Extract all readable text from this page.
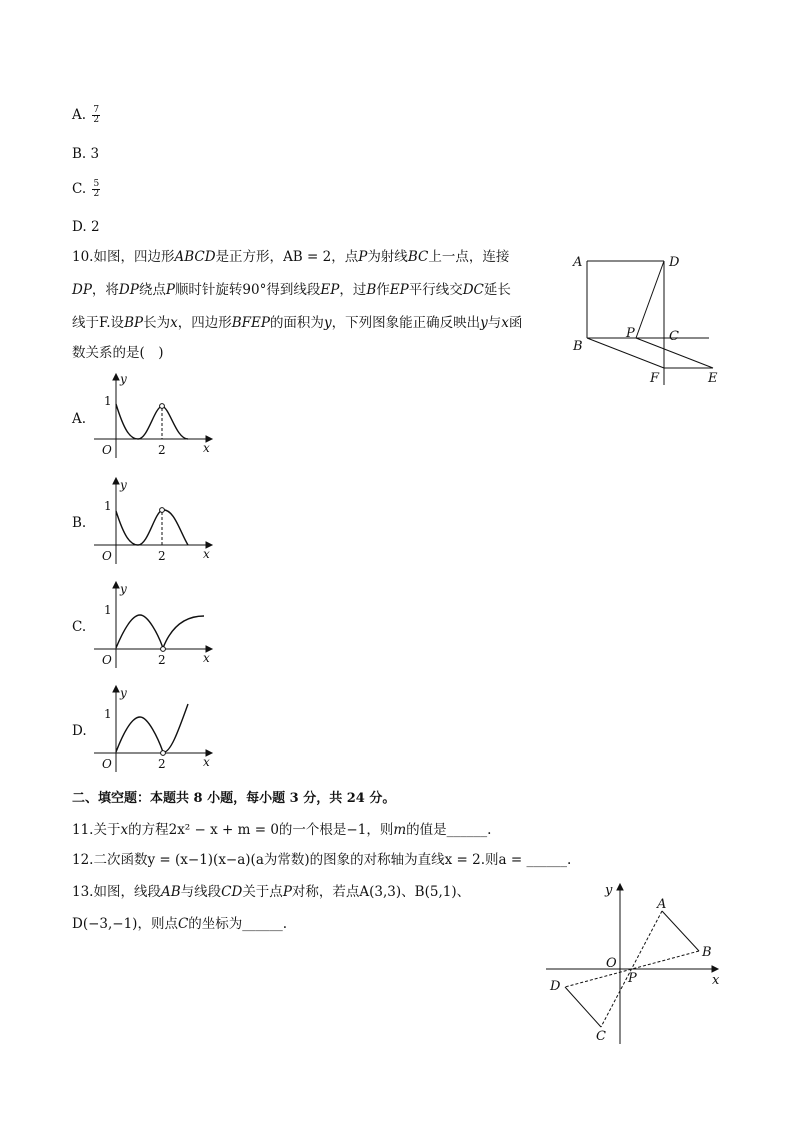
A. $\frac{7}{2}$
B. 3
C. $\frac{5}{2}$
D. 2
10.如图，四边形ABCD是正方形，AB = 2，点P为射线BC上一点，连接
DP，将DP绕点P顺时针旋转90°得到线段EP，过B作EP平行线交DC延长
线于F.设BP长为x，四边形BFEP的面积为y，下列图象能正确反映出y与x函
数关系的是(　)
A	D
P	C
B
F	E
A.
y
1
O	2	x
B.
y
1
O	2	x
C.
y
1
O	2	x
D.
y
1
O	2	x
二、填空题：本题共 8 小题，每小题 3 分，共 24 分。
11.关于x的方程2x² − x + m = 0的一个根是−1，则m的值是______.
12.二次函数y = (x−1)(x−a)(a为常数)的图象的对称轴为直线x = 2.则a = ______.
13.如图，线段AB与线段CD关于点P对称，若点A(3,3)、B(5,1)、
D(−3,−1)，则点C的坐标为______.
y
x
O
A
B
C
D
P
